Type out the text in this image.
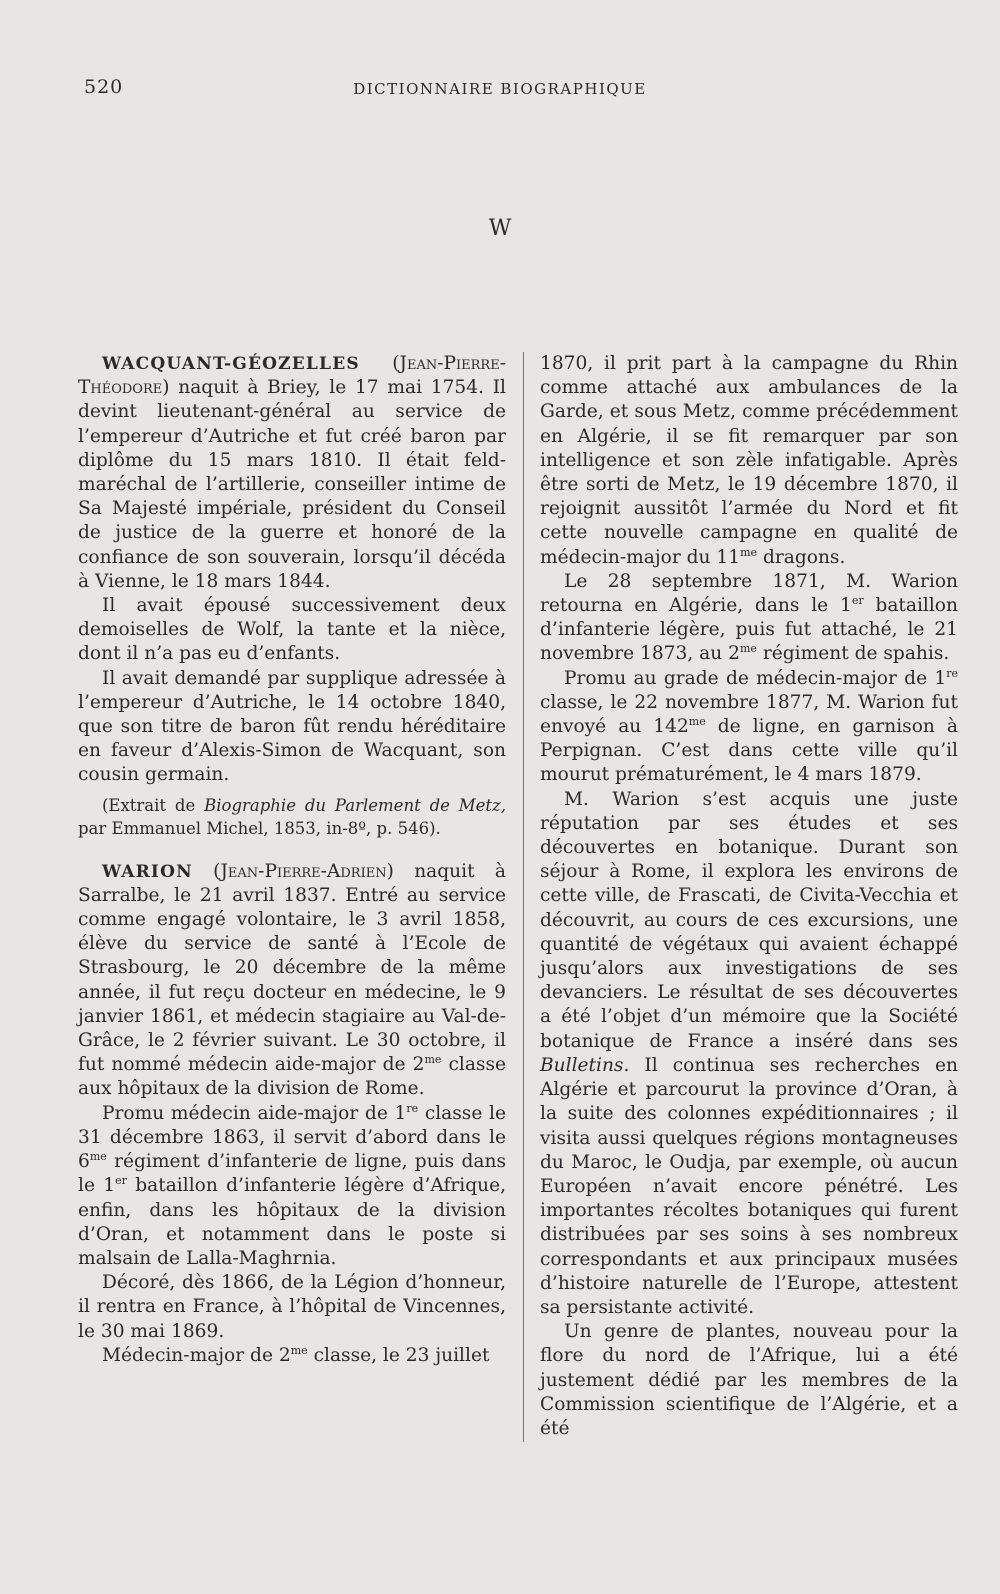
520	DICTIONNAIRE BIOGRAPHIQUE
W

WACQUANT-GÉOZELLES (Jean-Pierre-Théodore) naquit à Briey, le 17 mai 1754. Il devint lieutenant-général au service de l’empereur d’Autriche et fut créé baron par diplôme du 15 mars 1810. Il était feld-maréchal de l’artillerie, conseiller intime de Sa Majesté impériale, président du Conseil de justice de la guerre et honoré de la confiance de son souverain, lorsqu’il décéda à Vienne, le 18 mars 1844.

Il avait épousé successivement deux demoiselles de Wolf, la tante et la nièce, dont il n’a pas eu d’enfants.

Il avait demandé par supplique adressée à l’empereur d’Autriche, le 14 octobre 1840, que son titre de baron fût rendu héréditaire en faveur d’Alexis-Simon de Wacquant, son cousin germain.

(Extrait de Biographie du Parlement de Metz, par Emmanuel Michel, 1853, in-8º, p. 546).

WARION (Jean-Pierre-Adrien) naquit à Sarralbe, le 21 avril 1837. Entré au service comme engagé volontaire, le 3 avril 1858, élève du service de santé à l’Ecole de Strasbourg, le 20 décembre de la même année, il fut reçu docteur en médecine, le 9 janvier 1861, et médecin stagiaire au Val-de-Grâce, le 2 février suivant. Le 30 octobre, il fut nommé médecin aide-major de $2^{me}$ classe aux hôpitaux de la division de Rome.

Promu médecin aide-major de 1re classe le 31 décembre 1863, il servit d’abord dans le $6^{me}$ régiment d’infanterie de ligne, puis dans le 1er bataillon d’infanterie légère d’Afrique, enfin, dans les hôpitaux de la division d’Oran, et notamment dans le poste si malsain de Lalla-Maghrnia.

Décoré, dès 1866, de la Légion d’honneur, il rentra en France, à l’hôpital de Vincennes, le 30 mai 1869.

Médecin-major de $2^{me}$ classe, le 23 juillet

1870, il prit part à la campagne du Rhin comme attaché aux ambulances de la Garde, et sous Metz, comme précédemment en Algérie, il se fit remarquer par son intelligence et son zèle infatigable. Après être sorti de Metz, le 19 décembre 1870, il rejoignit aussitôt l’armée du Nord et fit cette nouvelle campagne en qualité de médecin-major du $11^{me}$ dragons.

Le 28 septembre 1871, M. Warion retourna en Algérie, dans le 1er bataillon d’infanterie légère, puis fut attaché, le 21 novembre 1873, au $2^{me}$ régiment de spahis.

Promu au grade de médecin-major de 1re classe, le 22 novembre 1877, M. Warion fut envoyé au $142^{me}$ de ligne, en garnison à Perpignan. C’est dans cette ville qu’il mourut prématurément, le 4 mars 1879.

M. Warion s’est acquis une juste réputation par ses études et ses découvertes en botanique. Durant son séjour à Rome, il explora les environs de cette ville, de Frascati, de Civita-Vecchia et découvrit, au cours de ces excursions, une quantité de végétaux qui avaient échappé jusqu’alors aux investigations de ses devanciers. Le résultat de ses découvertes a été l’objet d’un mémoire que la Société botanique de France a inséré dans ses Bulletins. Il continua ses recherches en Algérie et parcourut la province d’Oran, à la suite des colonnes expéditionnaires ; il visita aussi quelques régions montagneuses du Maroc, le Oudja, par exemple, où aucun Européen n’avait encore pénétré. Les importantes récoltes botaniques qui furent distribuées par ses soins à ses nombreux correspondants et aux principaux musées d’histoire naturelle de l’Europe, attestent sa persistante activité.

Un genre de plantes, nouveau pour la flore du nord de l’Afrique, lui a été justement dédié par les membres de la Commission scientifique de l’Algérie, et a été
